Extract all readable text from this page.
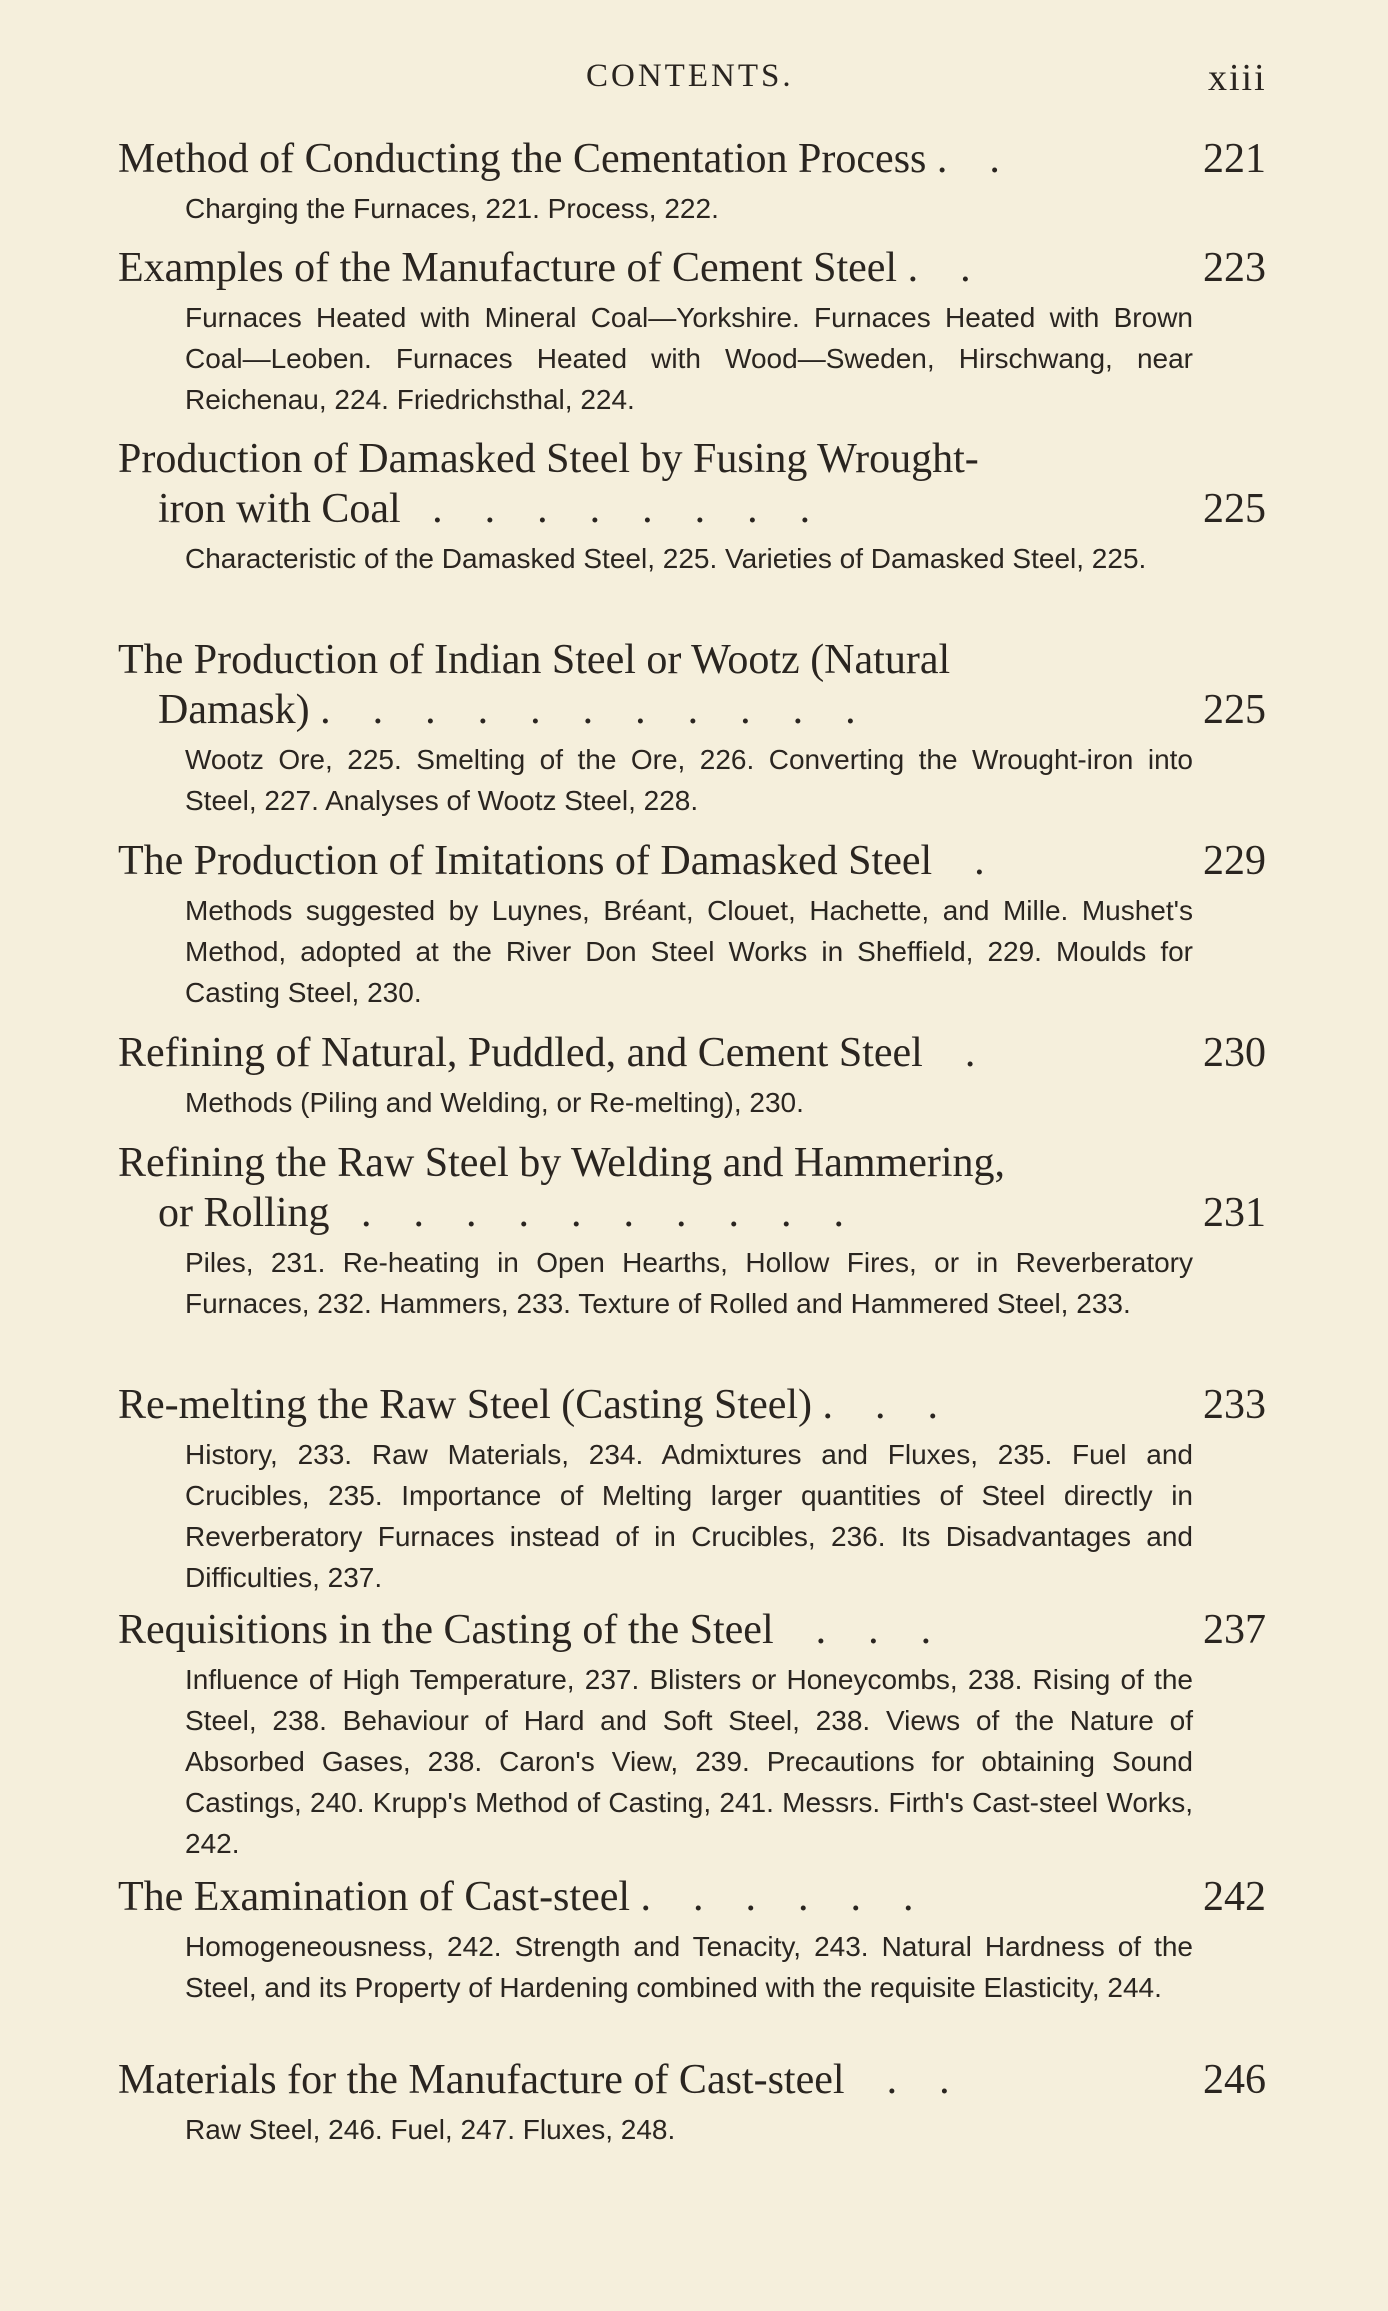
CONTENTS.	xiii
Method of Conducting the Cementation Process .    .	221
Charging the Furnaces, 221. Process, 222.
Examples of the Manufacture of Cement Steel .    .	223
Furnaces Heated with Mineral Coal—Yorkshire. Furnaces Heated with Brown Coal—Leoben. Furnaces Heated with Wood—Sweden, Hirschwang, near Reichenau, 224. Friedrichsthal, 224.
Production of Damasked Steel by Fusing Wrought-
iron with Coal   .    .    .    .    .    .    .    .	225
Characteristic of the Damasked Steel, 225. Varieties of Damasked Steel, 225.
The Production of Indian Steel or Wootz (Natural
Damask) .    .    .    .    .    .    .    .    .    .    .	225
Wootz Ore, 225. Smelting of the Ore, 226. Converting the Wrought-iron into Steel, 227. Analyses of Wootz Steel, 228.
The Production of Imitations of Damasked Steel    .	229
Methods suggested by Luynes, Bréant, Clouet, Hachette, and Mille. Mushet's Method, adopted at the River Don Steel Works in Sheffield, 229. Moulds for Casting Steel, 230.
Refining of Natural, Puddled, and Cement Steel    .	230
Methods (Piling and Welding, or Re-melting), 230.
Refining the Raw Steel by Welding and Hammering,
or Rolling   .    .    .    .    .    .    .    .    .    .	231
Piles, 231. Re-heating in Open Hearths, Hollow Fires, or in Reverberatory Furnaces, 232. Hammers, 233. Texture of Rolled and Hammered Steel, 233.
Re-melting the Raw Steel (Casting Steel) .    .    .	233
History, 233. Raw Materials, 234. Admixtures and Fluxes, 235. Fuel and Crucibles, 235. Importance of Melting larger quantities of Steel directly in Reverberatory Furnaces instead of in Crucibles, 236. Its Disadvantages and Difficulties, 237.
Requisitions in the Casting of the Steel    .    .    .	237
Influence of High Temperature, 237. Blisters or Honeycombs, 238. Rising of the Steel, 238. Behaviour of Hard and Soft Steel, 238. Views of the Nature of Absorbed Gases, 238. Caron's View, 239. Precautions for obtaining Sound Castings, 240. Krupp's Method of Casting, 241. Messrs. Firth's Cast-steel Works, 242.
The Examination of Cast-steel .    .    .    .    .    .	242
Homogeneousness, 242. Strength and Tenacity, 243. Natural Hardness of the Steel, and its Property of Hardening combined with the requisite Elasticity, 244.
Materials for the Manufacture of Cast-steel    .    .	246
Raw Steel, 246. Fuel, 247. Fluxes, 248.
